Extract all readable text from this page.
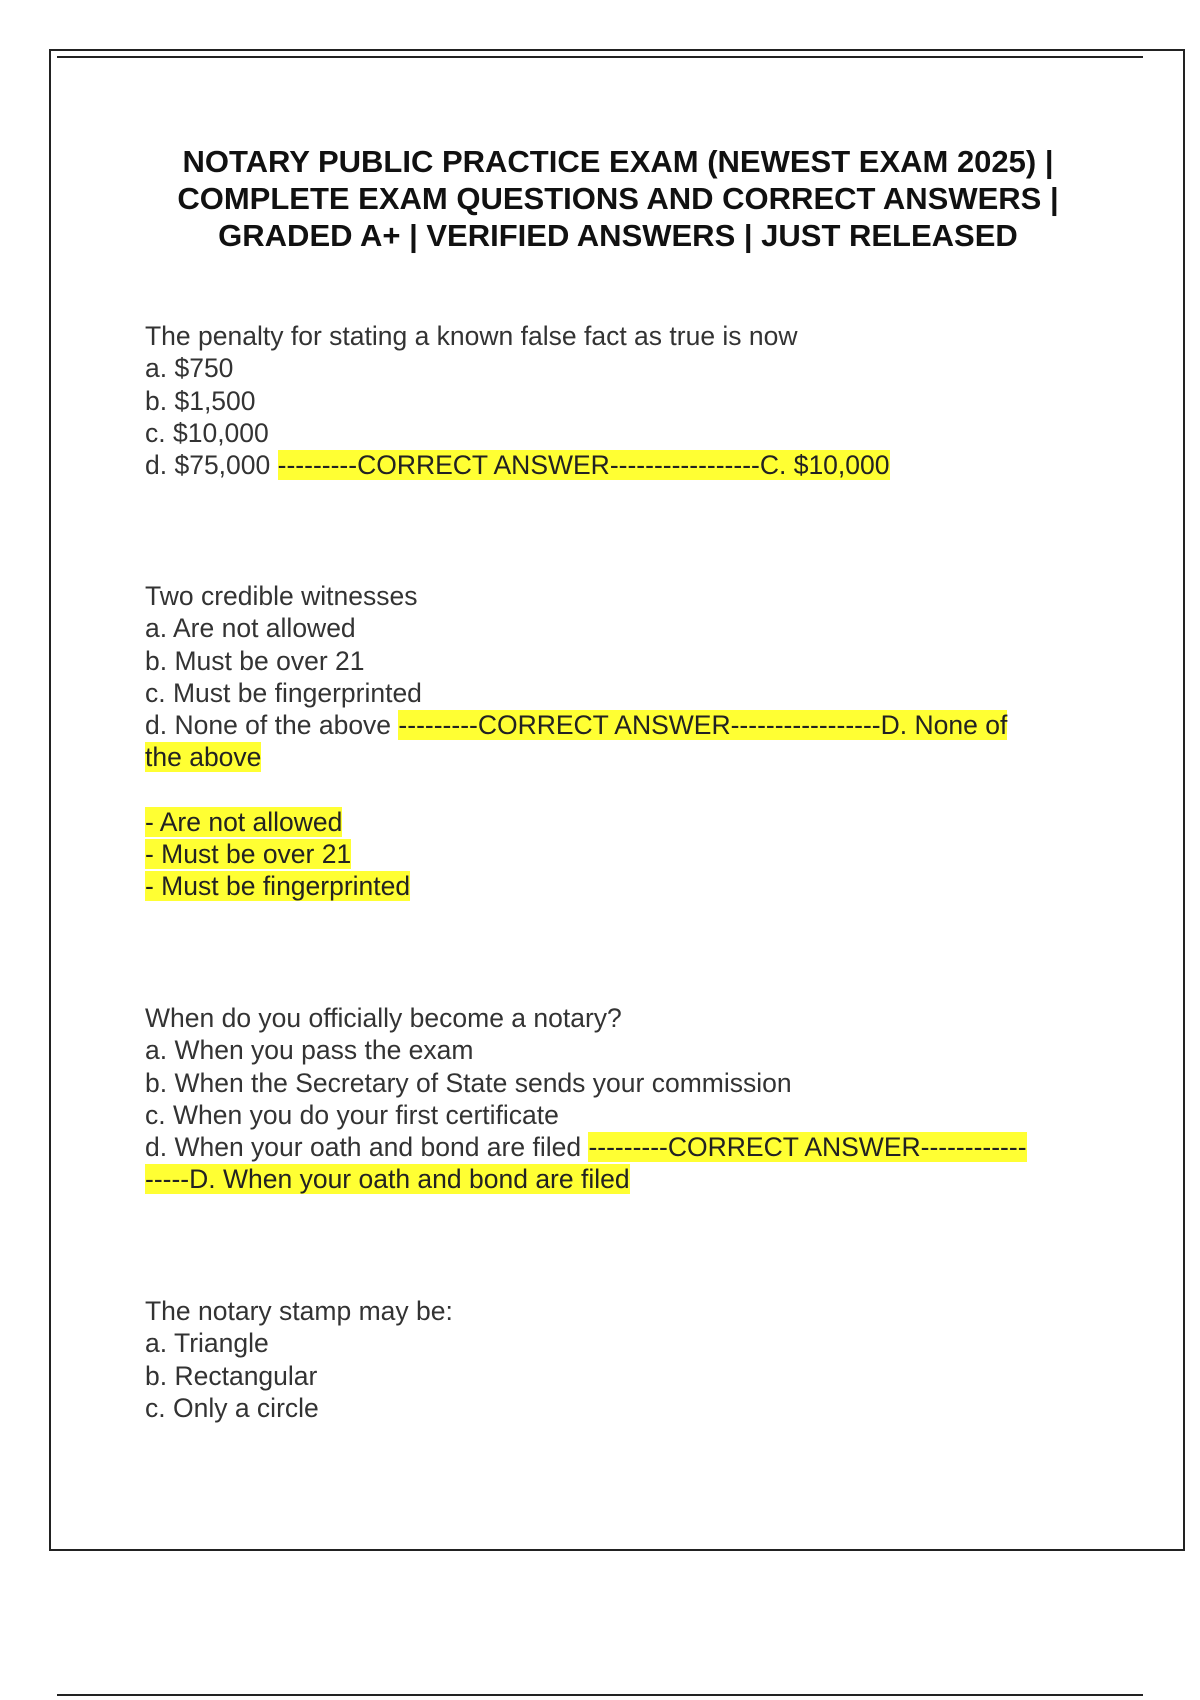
NOTARY PUBLIC PRACTICE EXAM (NEWEST EXAM 2025) |
COMPLETE EXAM QUESTIONS AND CORRECT ANSWERS |
GRADED A+ | VERIFIED ANSWERS | JUST RELEASED

The penalty for stating a known false fact as true is now

a. $750

b. $1,500

c. $10,000

d. $75,000 ---------CORRECT ANSWER-----------------C. $10,000

Two credible witnesses

a. Are not allowed

b. Must be over 21

c. Must be fingerprinted

d. None of the above ---------CORRECT ANSWER-----------------D. None of

the above

- Are not allowed

- Must be over 21

- Must be fingerprinted

When do you officially become a notary?

a. When you pass the exam

b. When the Secretary of State sends your commission

c. When you do your first certificate

d. When your oath and bond are filed ---------CORRECT ANSWER------------

-----D. When your oath and bond are filed

The notary stamp may be:

a. Triangle

b. Rectangular

c. Only a circle
